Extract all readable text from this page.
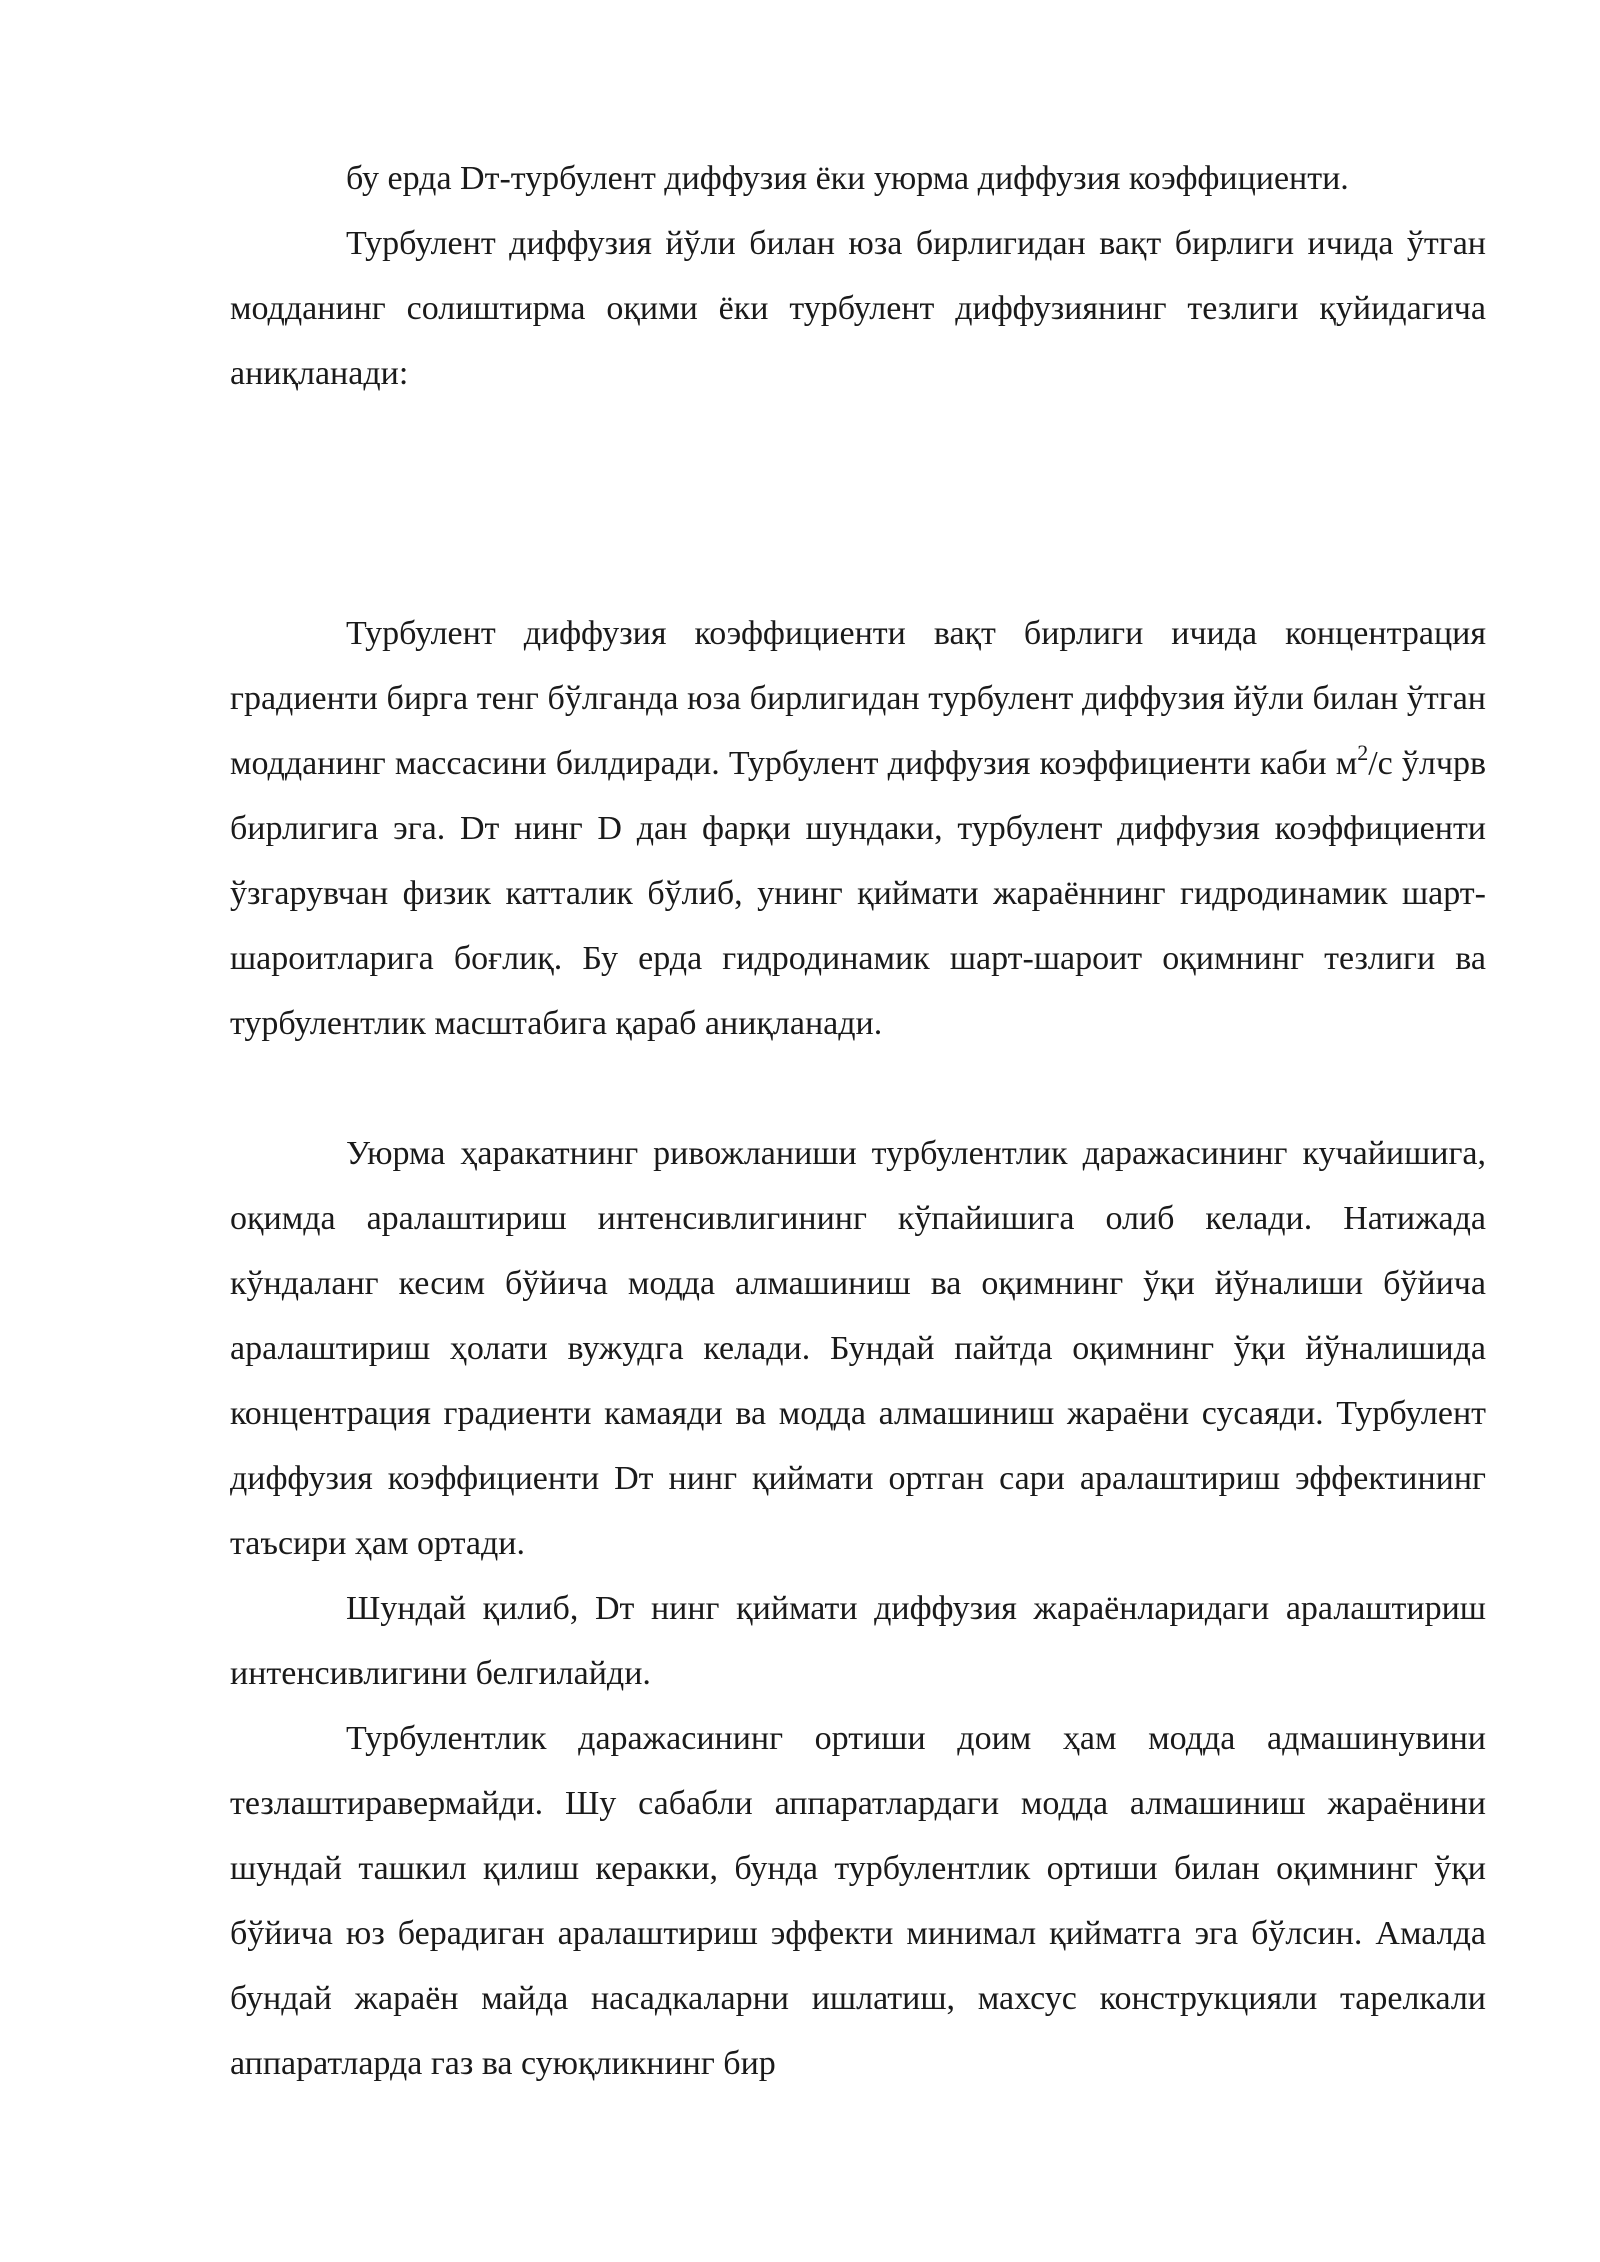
бу ерда Dт-турбулент диффузия ёки уюрма диффузия коэффициенти.

Турбулент диффузия йўли билан юза бирлигидан вақт бирлиги ичида ўтган модданинг солиштирма оқими ёки турбулент диффузиянинг тезлиги қуйидагича аниқланади:

Турбулент диффузия коэффициенти вақт бирлиги ичида концентрация градиенти бирга тенг бўлганда юза бирлигидан турбулент диффузия йўли билан ўтган модданинг массасини билдиради. Турбулент диффузия коэффициенти каби $м^2/с$ ўлчрв бирлигига эга. Dт нинг D дан фарқи шундаки, турбулент диффузия коэффициенти ўзгарувчан физик катталик бўлиб, унинг қиймати жараённинг гидродинамик шарт-шароитларига боғлиқ. Бу ерда гидродинамик шарт-шароит оқимнинг тезлиги ва турбулентлик масштабига қараб аниқланади.

Уюрма ҳаракатнинг ривожланиши турбулентлик даражасининг кучайишига, оқимда аралаштириш интенсивлигининг кўпайишига олиб келади. Натижада кўндаланг кесим бўйича модда алмашиниш ва оқимнинг ўқи йўналиши бўйича аралаштириш ҳолати вужудга келади. Бундай пайтда оқимнинг ўқи йўналишида концентрация градиенти камаяди ва модда алмашиниш жараёни сусаяди. Турбулент диффузия коэффициенти Dт нинг қиймати ортган сари аралаштириш эффектининг таъсири ҳам ортади.

Шундай қилиб, Dт нинг қиймати диффузия жараёнларидаги аралаштириш интенсивлигини белгилайди.

Турбулентлик даражасининг ортиши доим ҳам модда адмашинувини тезлаштиравермайди. Шу сабабли аппаратлардаги модда алмашиниш жараёнини шундай ташкил қилиш керакки, бунда турбулентлик ортиши билан оқимнинг ўқи бўйича юз берадиган аралаштириш эффекти минимал қийматга эга бўлсин. Амалда бундай жараён майда насадкаларни ишлатиш, махсус конструкцияли тарелкали аппаратларда газ ва суюқликнинг бир
